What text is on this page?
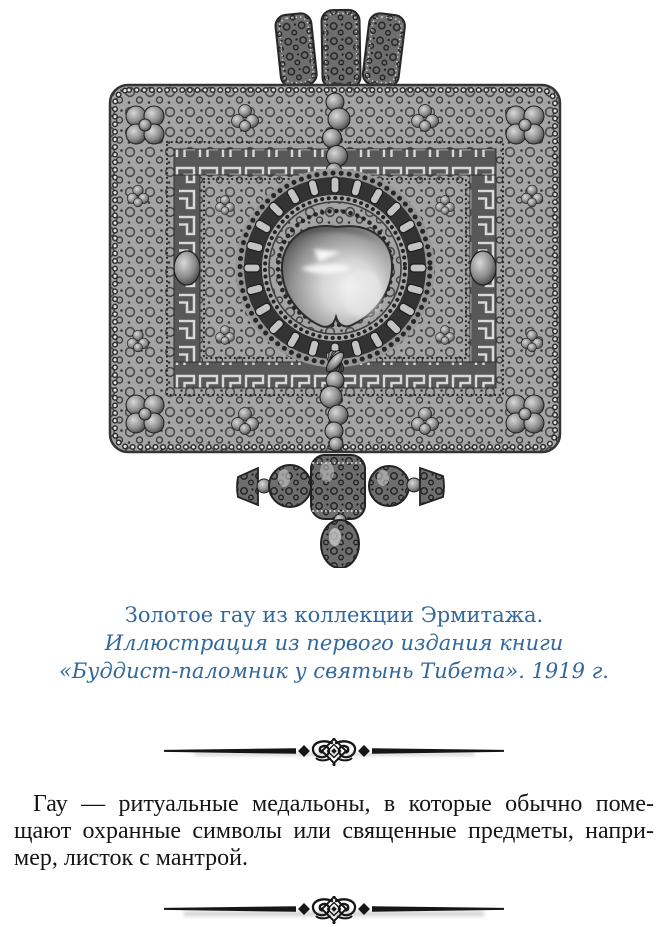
Золотое гау из коллекции Эрмитажа.
Иллюстрация из первого издания книги
«Буддист-паломник у святынь Тибета». 1919 г.
Гау — ритуальные медальоны, в которые обычно поме-
щают охранные символы или священные предметы, напри-
мер, листок с мантрой.
